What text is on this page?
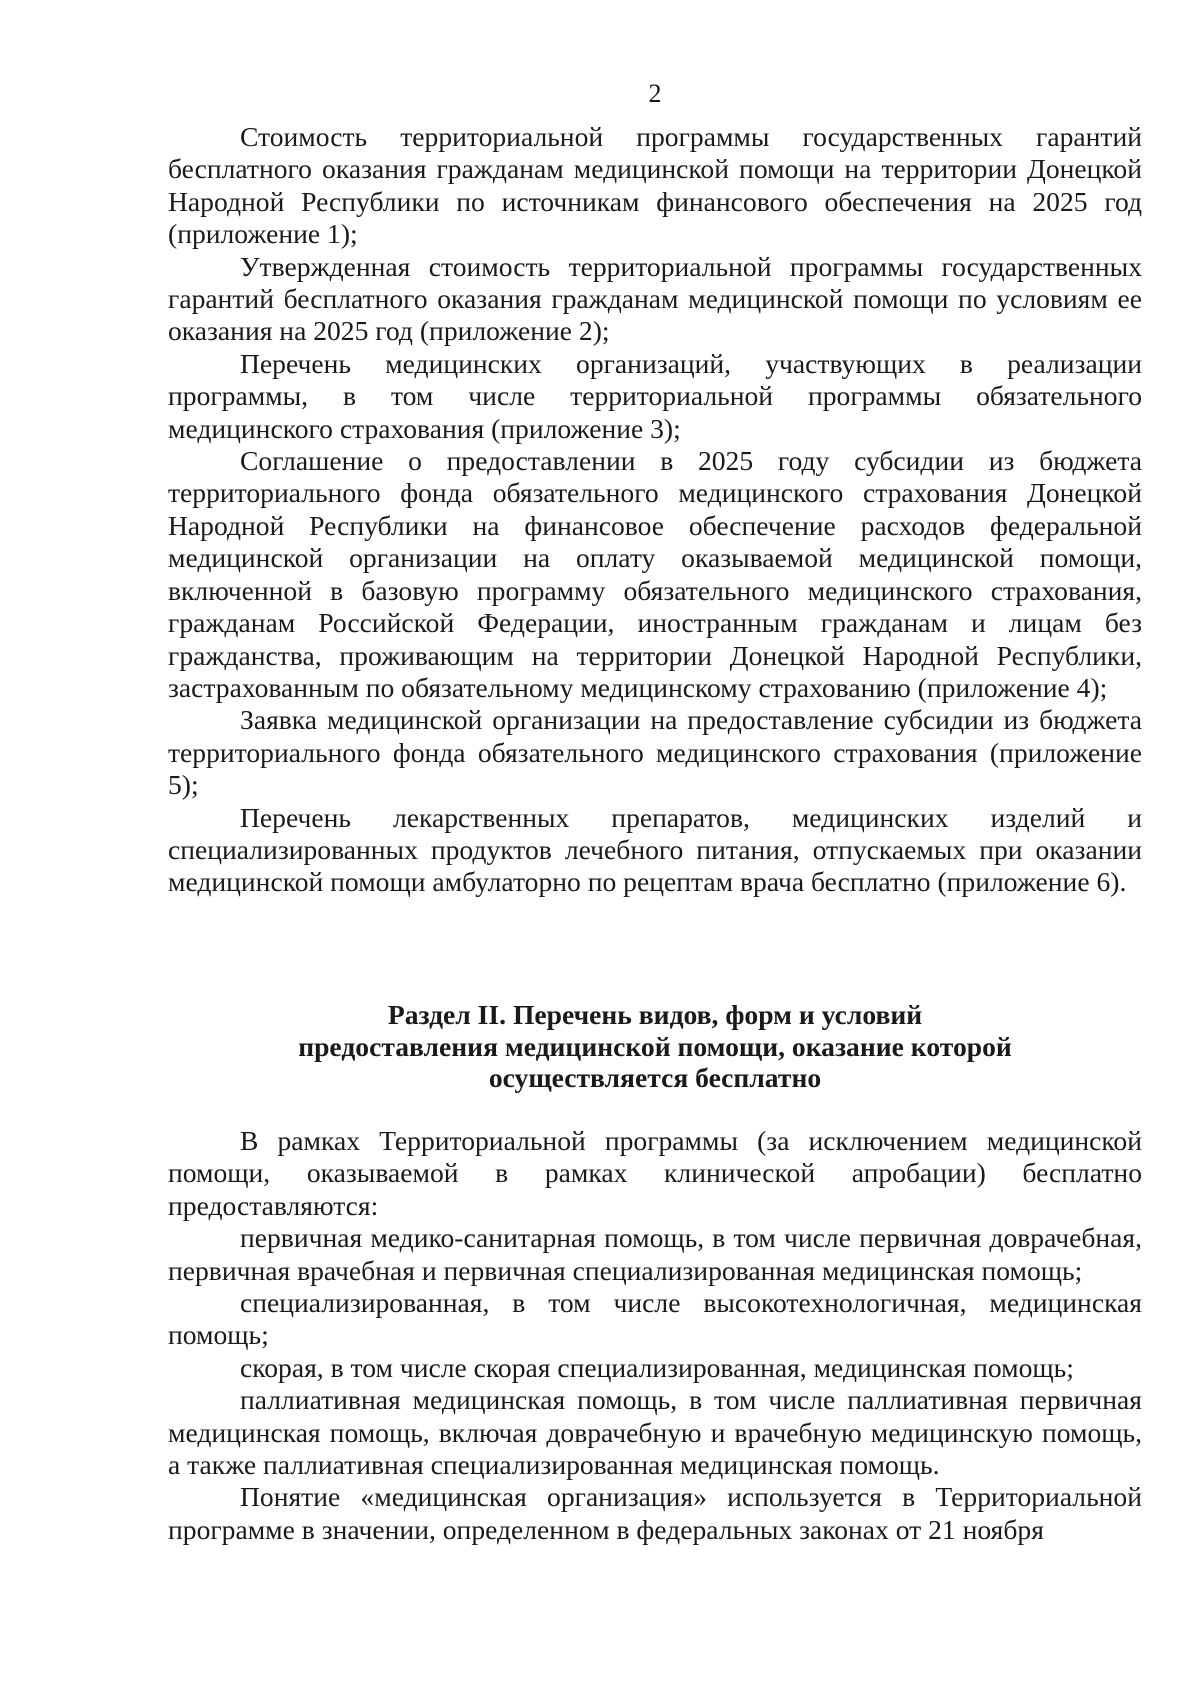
2

Стоимость территориальной программы государственных гарантий бесплатного оказания гражданам медицинской помощи на территории Донецкой Народной Республики по источникам финансового обеспечения на 2025 год (приложение 1);

Утвержденная стоимость территориальной программы государственных гарантий бесплатного оказания гражданам медицинской помощи по условиям ее оказания на 2025 год (приложение 2);

Перечень медицинских организаций, участвующих в реализации программы, в том числе территориальной программы обязательного медицинского страхования (приложение 3);

Соглашение о предоставлении в 2025 году субсидии из бюджета территориального фонда обязательного медицинского страхования Донецкой Народной Республики на финансовое обеспечение расходов федеральной медицинской организации на оплату оказываемой медицинской помощи, включенной в базовую программу обязательного медицинского страхования, гражданам Российской Федерации, иностранным гражданам и лицам без гражданства, проживающим на территории Донецкой Народной Республики, застрахованным по обязательному медицинскому страхованию (приложение 4);

Заявка медицинской организации на предоставление субсидии из бюджета территориального фонда обязательного медицинского страхования (приложение 5);

Перечень лекарственных препаратов, медицинских изделий и специализированных продуктов лечебного питания, отпускаемых при оказании медицинской помощи амбулаторно по рецептам врача бесплатно (приложение 6).

Раздел II. Перечень видов, форм и условий
предоставления медицинской помощи, оказание которой
осуществляется бесплатно

В рамках Территориальной программы (за исключением медицинской помощи, оказываемой в рамках клинической апробации) бесплатно предоставляются:

первичная медико-санитарная помощь, в том числе первичная доврачебная, первичная врачебная и первичная специализированная медицинская помощь;

специализированная, в том числе высокотехнологичная, медицинская помощь;

скорая, в том числе скорая специализированная, медицинская помощь;

паллиативная медицинская помощь, в том числе паллиативная первичная медицинская помощь, включая доврачебную и врачебную медицинскую помощь, а также паллиативная специализированная медицинская помощь.

Понятие «медицинская организация» используется в Территориальной программе в значении, определенном в федеральных законах от 21 ноября
